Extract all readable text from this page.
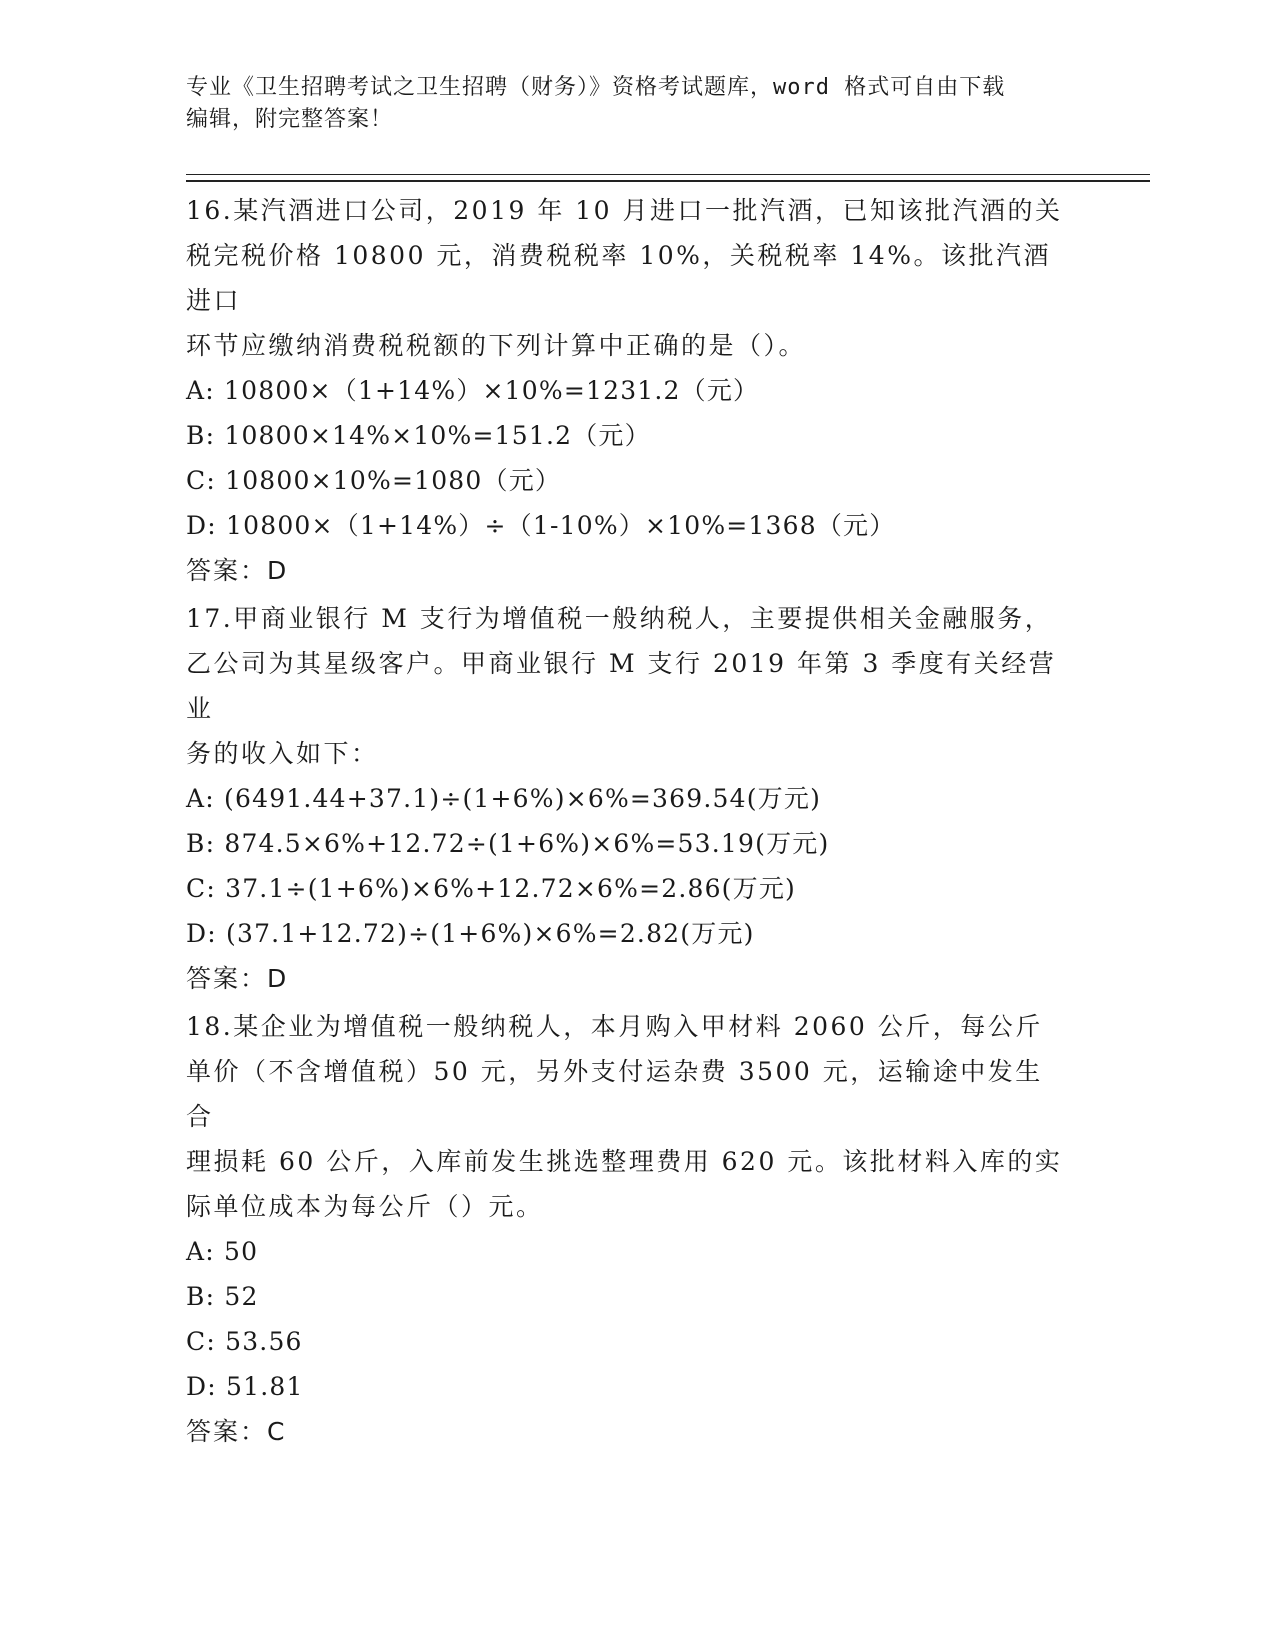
专业《卫生招聘考试之卫生招聘（财务）》资格考试题库，word 格式可自由下载
编辑，附完整答案！
16.某汽酒进口公司，2019 年 10 月进口一批汽酒，已知该批汽酒的关
税完税价格 10800 元，消费税税率 10%，关税税率 14%。该批汽酒进口
环节应缴纳消费税税额的下列计算中正确的是（）。
A: 10800×（1+14%）×10%=1231.2（元）
B: 10800×14%×10%=151.2（元）
C: 10800×10%=1080（元）
D: 10800×（1+14%）÷（1-10%）×10%=1368（元）
答案：D
17.甲商业银行 M 支行为增值税一般纳税人，主要提供相关金融服务，
乙公司为其星级客户。甲商业银行 M 支行 2019 年第 3 季度有关经营业
务的收入如下：
A: (6491.44+37.1)÷(1+6%)×6%=369.54(万元)
B: 874.5×6%+12.72÷(1+6%)×6%=53.19(万元)
C: 37.1÷(1+6%)×6%+12.72×6%=2.86(万元)
D: (37.1+12.72)÷(1+6%)×6%=2.82(万元)
答案：D
18.某企业为增值税一般纳税人，本月购入甲材料 2060 公斤，每公斤
单价（不含增值税）50 元，另外支付运杂费 3500 元，运输途中发生合
理损耗 60 公斤，入库前发生挑选整理费用 620 元。该批材料入库的实
际单位成本为每公斤（）元。
A: 50
B: 52
C: 53.56
D: 51.81
答案：C
